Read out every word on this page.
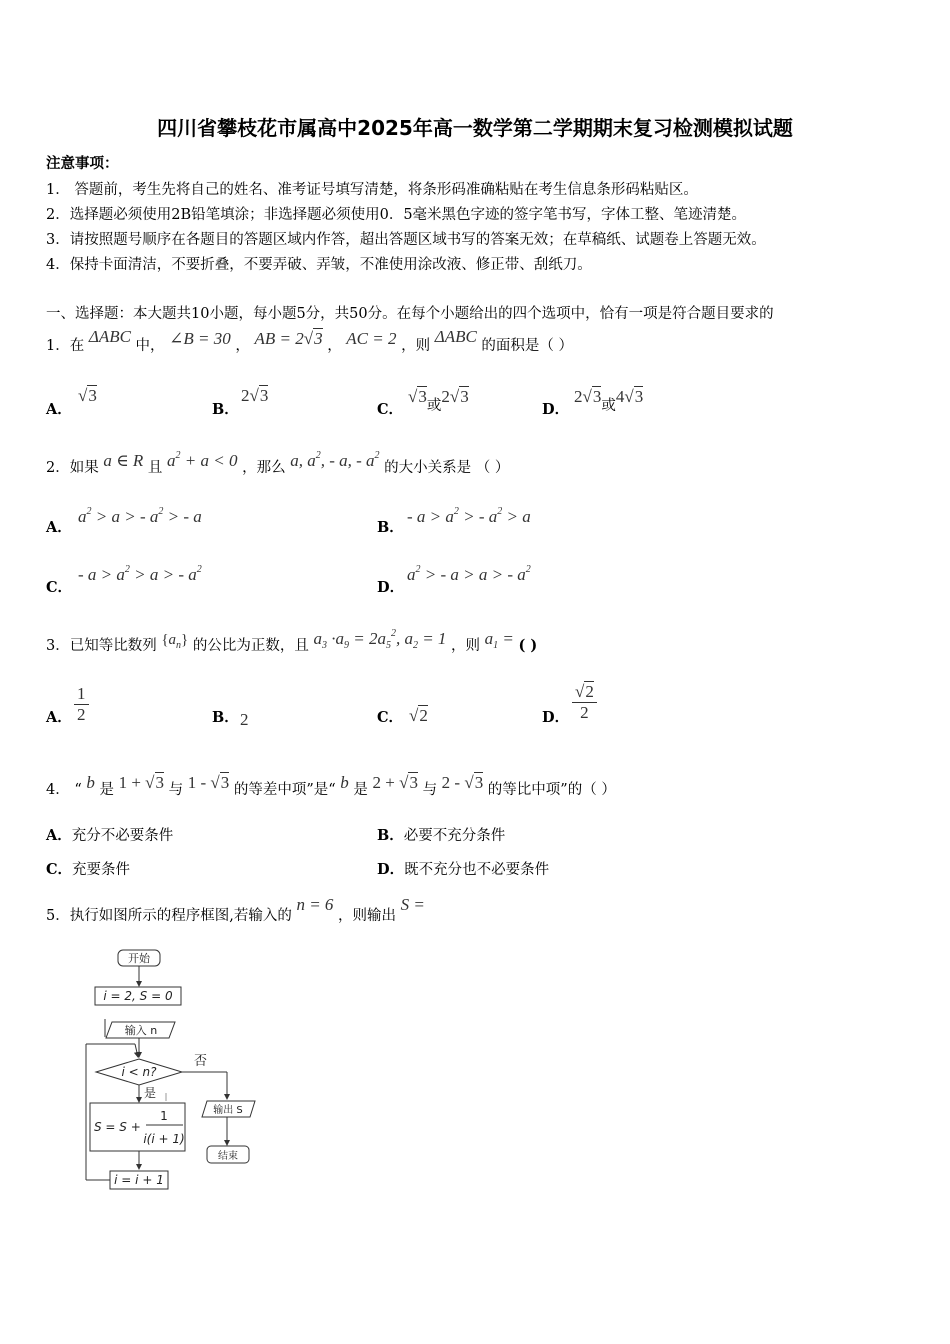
四川省攀枝花市属高中2025年高一数学第二学期期末复习检测模拟试题
注意事项：
1． 答题前，考生先将自己的姓名、准考证号填写清楚，将条形码准确粘贴在考生信息条形码粘贴区。
2．选择题必须使用2B铅笔填涂；非选择题必须使用0．5毫米黑色字迹的签字笔书写，字体工整、笔迹清楚。
3．请按照题号顺序在各题目的答题区域内作答，超出答题区域书写的答案无效；在草稿纸、试题卷上答题无效。
4．保持卡面清洁，不要折叠，不要弄破、弄皱，不准使用涂改液、修正带、刮纸刀。
一、选择题：本大题共10小题，每小题5分，共50分。在每个小题给出的四个选项中，恰有一项是符合题目要求的
1．在 ΔABC 中， ∠B = 30 ， AB = 2√3 ， AC = 2 ，则 ΔABC 的面积是（ ）
A．
√3
B．
2√3
C．
√3或2√3
D．
2√3或4√3
2．如果 a ∈ R 且 $a^2 + a < 0$ ，那么 a, $a^2$, - a, - $a^2$ 的大小关系是 （ ）
A．
$a^2 > a$ > - $a^2$ > - a
B．
- $a > a^2$ > - $a^2 > a$
C．
- $a > a^2 > a$ > - $a^2$
D．
$a^2$ > - a > a > - $a^2$
3．已知等比数列 $\{a_n\}$ 的公比为正数，且 $a_3 \cdot a_9 = 2a_5^2$, $a_2 = 1$ ，则 $a_1$ = ( )
A． $\frac{1}{2}$	B． 2	C． √2	D． $\frac{√2}{2}$
4． “ b 是 1 + √3 与 1 - √3 的等差中项”是“ b 是 2 + √3 与 2 - √3 的等比中项”的（ ）
A．充分不必要条件	B．必要不充分条件
C．充要条件	D．既不充分也不必要条件
5．执行如图所示的程序框图,若输入的 n = 6 ，则输出 S =
开始
i = 2, S = 0
输入 n
i < n?
否
是
S = S +
1
i(i + 1)
i = i + 1
输出 S
结束
